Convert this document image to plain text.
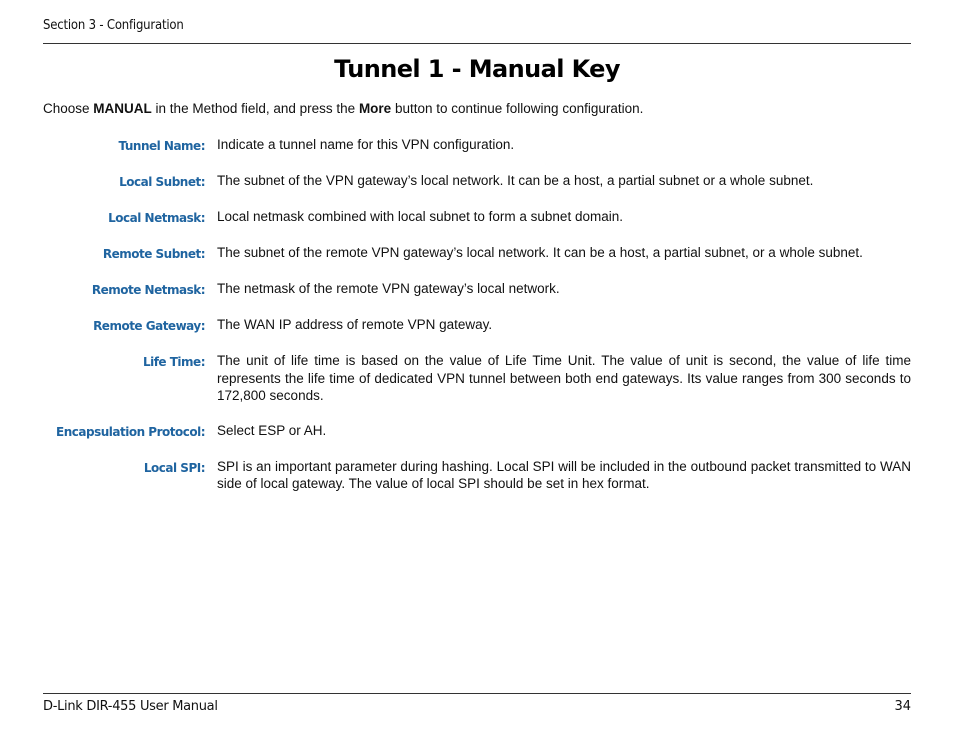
Section 3 - Configuration
Tunnel 1 - Manual Key
Choose MANUAL in the Method field, and press the More button to continue following configuration.
Tunnel Name: Indicate a tunnel name for this VPN configuration.
Local Subnet: The subnet of the VPN gateway’s local network. It can be a host, a partial subnet or a whole subnet.
Local Netmask: Local netmask combined with local subnet to form a subnet domain.
Remote Subnet: The subnet of the remote VPN gateway’s local network. It can be a host, a partial subnet, or a whole subnet.
Remote Netmask: The netmask of the remote VPN gateway’s local network.
Remote Gateway: The WAN IP address of remote VPN gateway.
Life Time: The unit of life time is based on the value of Life Time Unit. The value of unit is second, the value of life time represents the life time of dedicated VPN tunnel between both end gateways. Its value ranges from 300 seconds to 172,800 seconds.
Encapsulation Protocol: Select ESP or AH.
Local SPI: SPI is an important parameter during hashing. Local SPI will be included in the outbound packet transmitted to WAN side of local gateway. The value of local SPI should be set in hex format.
D-Link DIR-455 User Manual	34
